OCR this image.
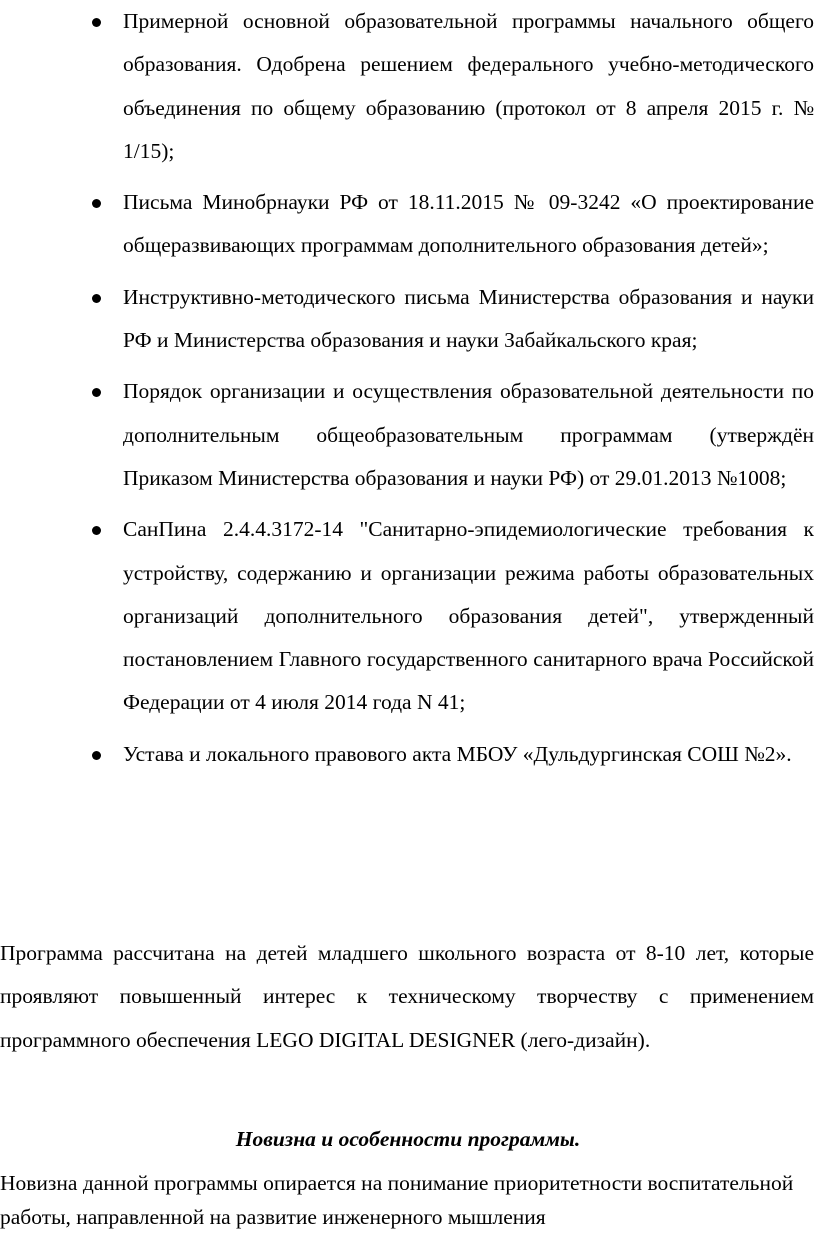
Примерной основной образовательной программы начального общего образования. Одобрена решением федерального учебно-методического объединения по общему образованию (протокол от 8 апреля 2015 г. № 1/15);
Письма Минобрнауки РФ от 18.11.2015 № 09-3242 «О проектирование общеразвивающих программам дополнительного образования детей»;
Инструктивно-методического письма Министерства образования и науки РФ и Министерства образования и науки Забайкальского края;
Порядок организации и осуществления образовательной деятельности по дополнительным общеобразовательным программам (утверждён Приказом Министерства образования и науки РФ) от 29.01.2013 №1008;
СанПина 2.4.4.3172-14 "Санитарно-эпидемиологические требования к устройству, содержанию и организации режима работы образовательных организаций дополнительного образования детей", утвержденный постановлением Главного государственного санитарного врача Российской Федерации от 4 июля 2014 года N 41;
Устава и локального правового акта МБОУ «Дульдургинская СОШ №2».

Программа рассчитана на детей младшего школьного возраста от 8-10 лет, которые проявляют повышенный интерес к техническому творчеству с применением программного обеспечения LEGO DIGITAL DESIGNER (лего-дизайн).

Новизна и особенности программы.

Новизна данной программы опирается на понимание приоритетности воспитательной работы, направленной на развитие инженерного мышления
